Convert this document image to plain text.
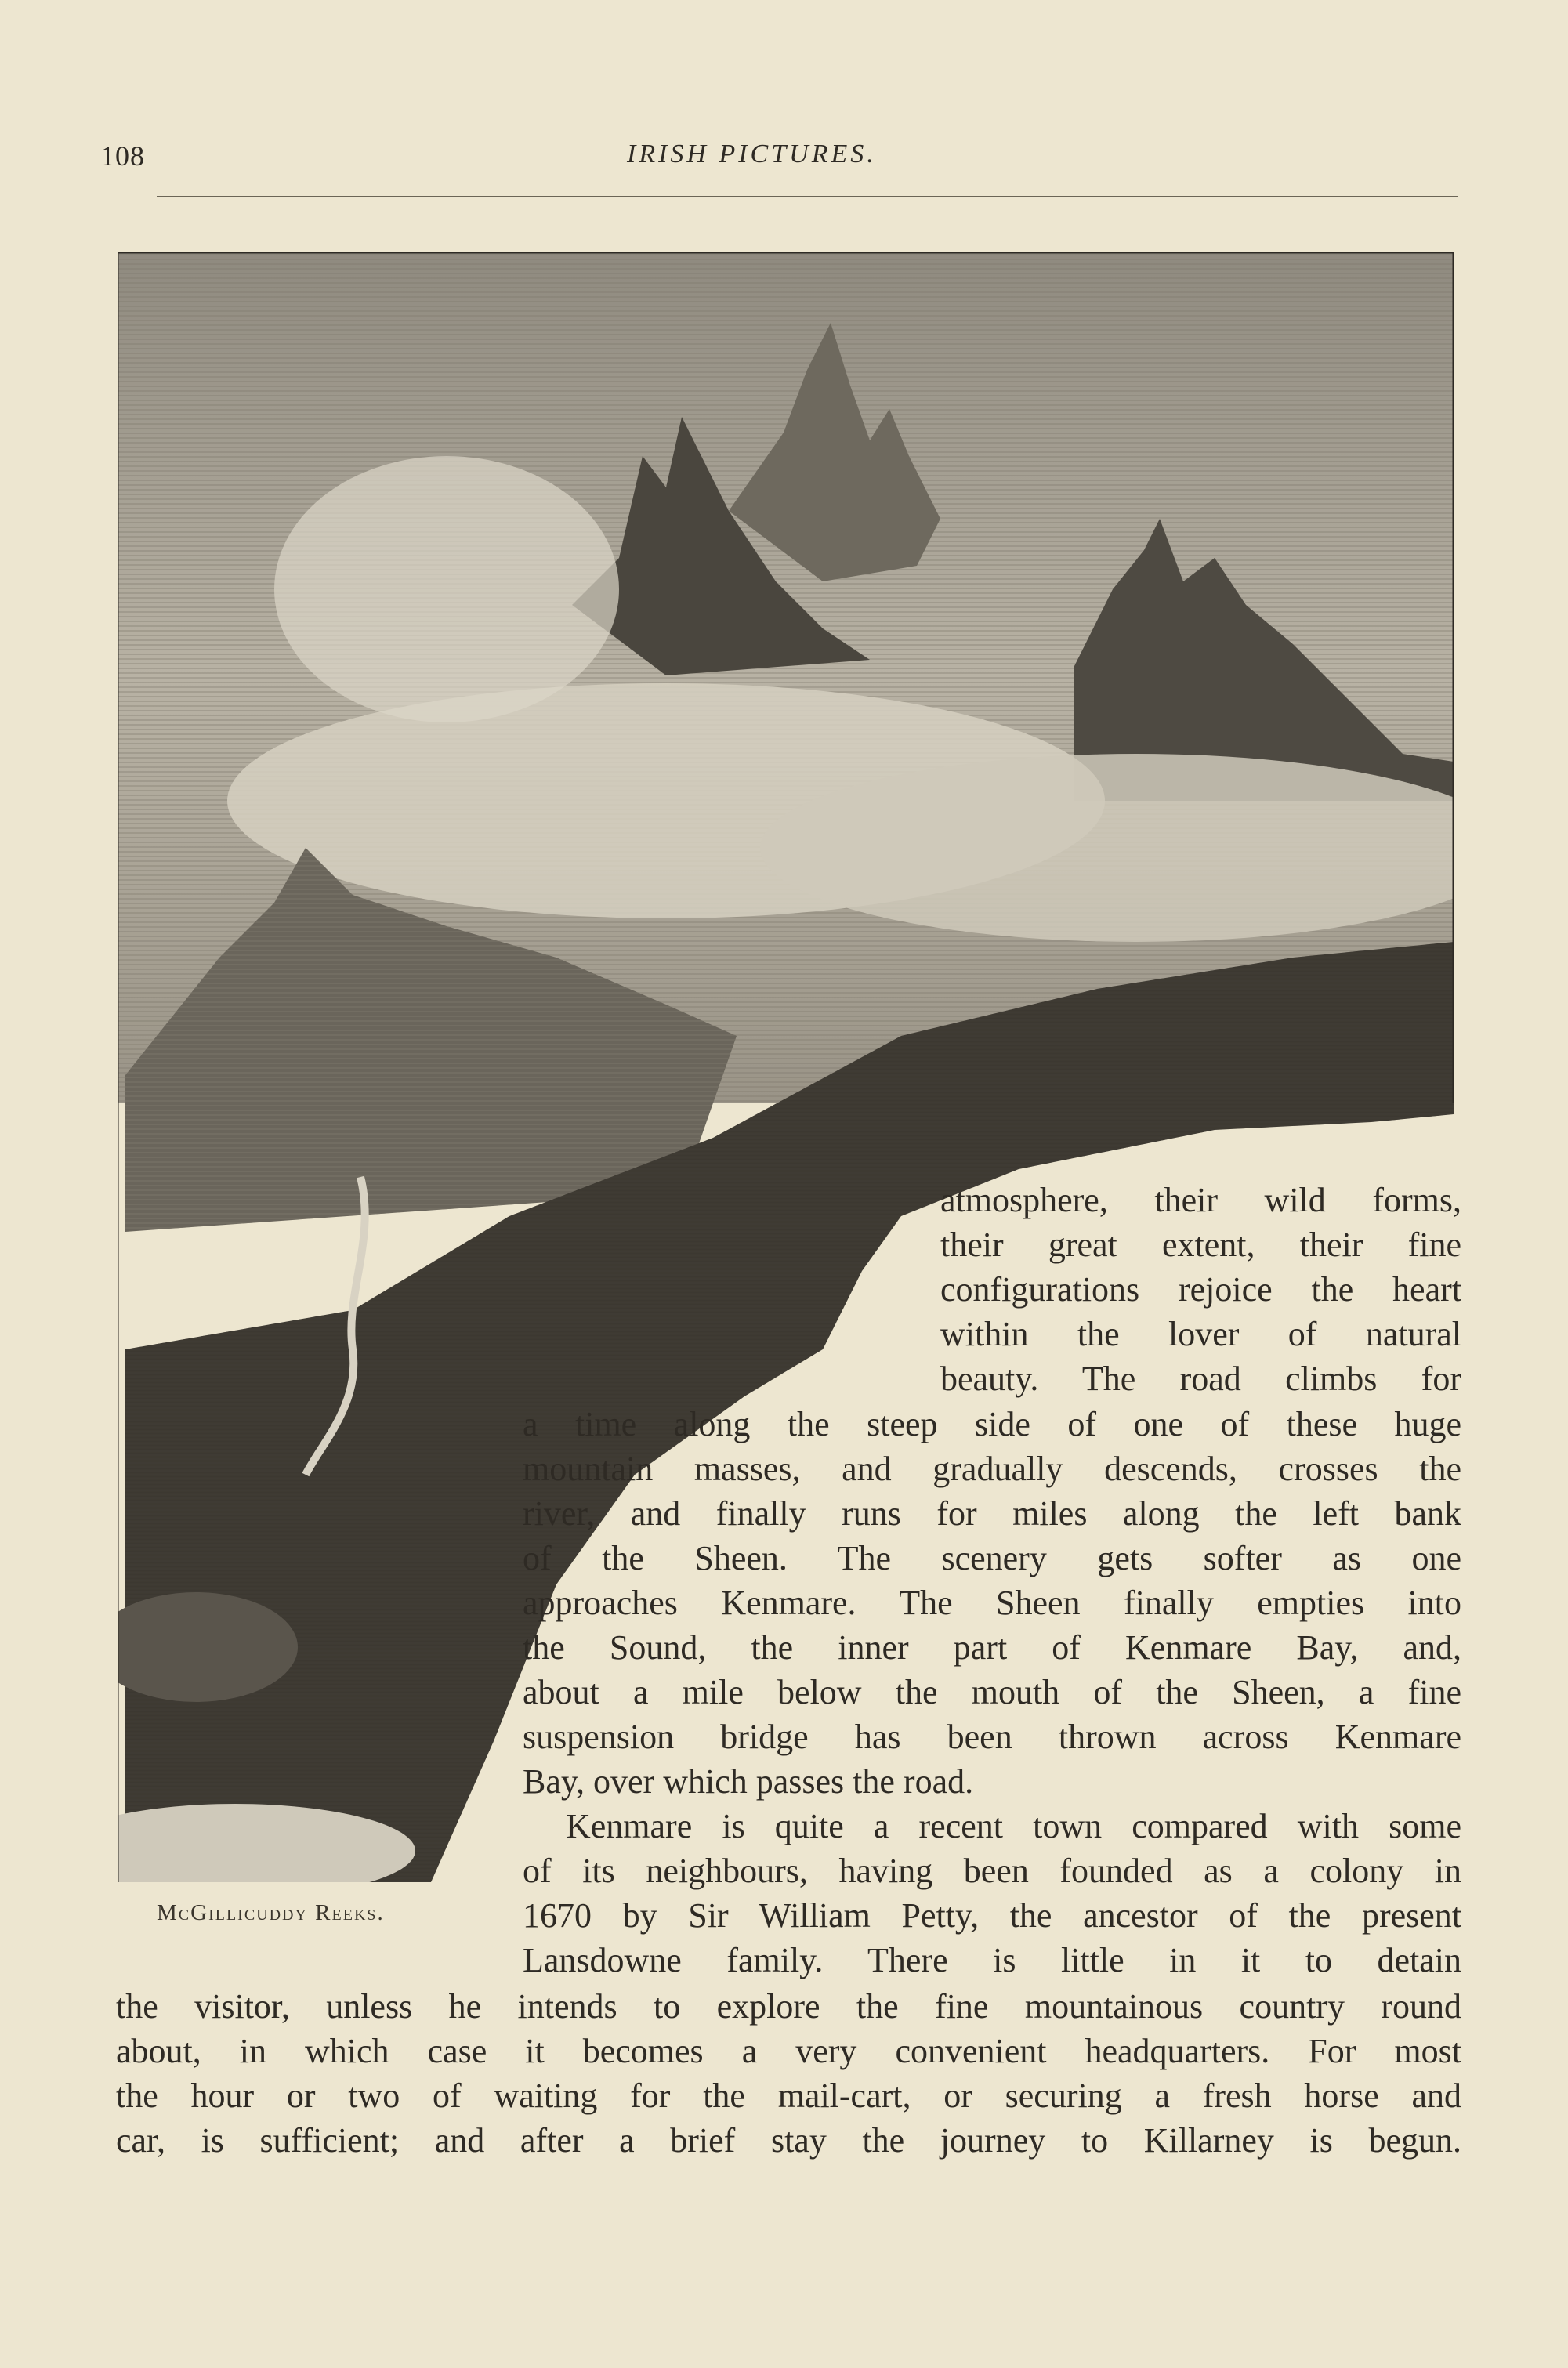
108	IRISH PICTURES.
McGillicuddy Reeks.
atmosphere, their wild forms,
their great extent, their fine
configurations rejoice the heart
within the lover of natural
beauty. The road climbs for
a time along the steep side of one of these huge
mountain masses, and gradually descends, crosses the
river, and finally runs for miles along the left bank
of the Sheen. The scenery gets softer as one
approaches Kenmare. The Sheen finally empties into
the Sound, the inner part of Kenmare Bay, and,
about a mile below the mouth of the Sheen, a fine
suspension bridge has been thrown across Kenmare
Bay, over which passes the road.
Kenmare is quite a recent town compared with some
of its neighbours, having been founded as a colony in
1670 by Sir William Petty, the ancestor of the present
Lansdowne family. There is little in it to detain
the visitor, unless he intends to explore the fine mountainous country round
about, in which case it becomes a very convenient headquarters. For most
the hour or two of waiting for the mail-cart, or securing a fresh horse and
car, is sufficient; and after a brief stay the journey to Killarney is begun.
